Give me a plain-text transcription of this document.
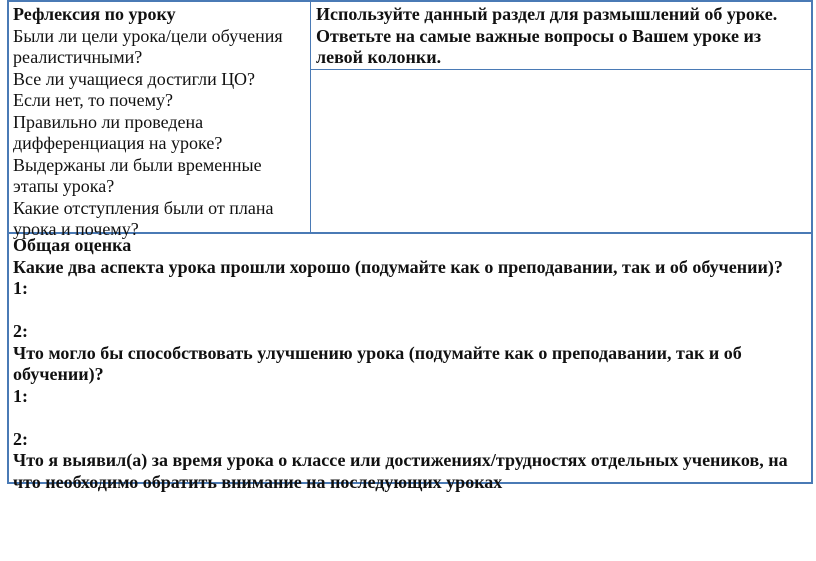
Рефлексия по уроку
Были ли цели урока/цели обучения
реалистичными?
Все ли учащиеся достигли ЦО?
Если нет, то почему?
Правильно ли проведена
дифференциация на уроке?
Выдержаны ли были временные
этапы урока?
Какие отступления были от плана
урока и почему?
Используйте данный раздел для размышлений об уроке.
Ответьте на самые важные вопросы о Вашем уроке из
левой колонки.
Общая оценка
Какие два аспекта урока прошли хорошо (подумайте как о преподавании, так и об обучении)?
1:
2:
Что могло бы способствовать улучшению урока (подумайте как о преподавании, так и об
обучении)?
1:
2:
Что я выявил(а) за время урока о классе или достижениях/трудностях отдельных учеников, на
что необходимо обратить внимание на последующих уроках
